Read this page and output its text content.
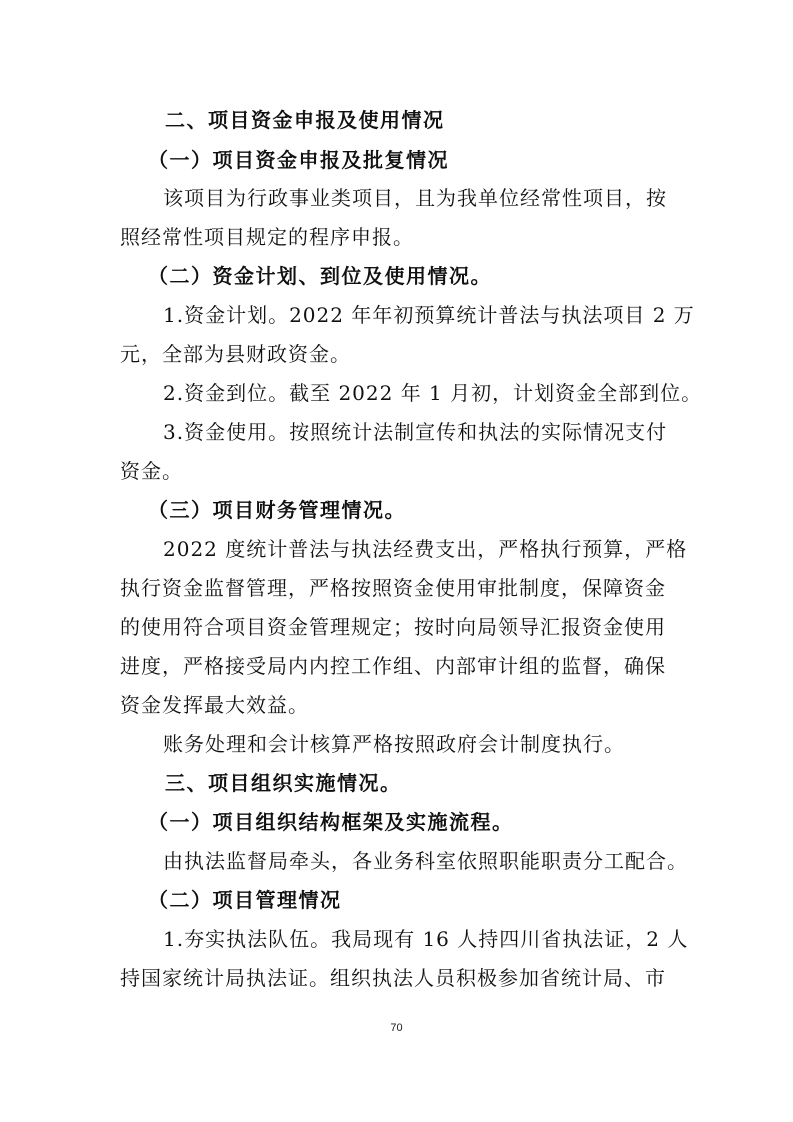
二、项目资金申报及使用情况
（一）项目资金申报及批复情况
该项目为行政事业类项目，且为我单位经常性项目，按
照经常性项目规定的程序申报。
（二）资金计划、到位及使用情况。
1.资金计划。2022 年年初预算统计普法与执法项目 2 万
元，全部为县财政资金。
2.资金到位。截至 2022 年 1 月初，计划资金全部到位。
3.资金使用。按照统计法制宣传和执法的实际情况支付
资金。
（三）项目财务管理情况。
2022 度统计普法与执法经费支出，严格执行预算，严格
执行资金监督管理，严格按照资金使用审批制度，保障资金
的使用符合项目资金管理规定；按时向局领导汇报资金使用
进度，严格接受局内内控工作组、内部审计组的监督，确保
资金发挥最大效益。
账务处理和会计核算严格按照政府会计制度执行。
三、项目组织实施情况。
（一）项目组织结构框架及实施流程。
由执法监督局牵头，各业务科室依照职能职责分工配合。
（二）项目管理情况
1.夯实执法队伍。我局现有 16 人持四川省执法证，2 人
持国家统计局执法证。组织执法人员积极参加省统计局、市
70
